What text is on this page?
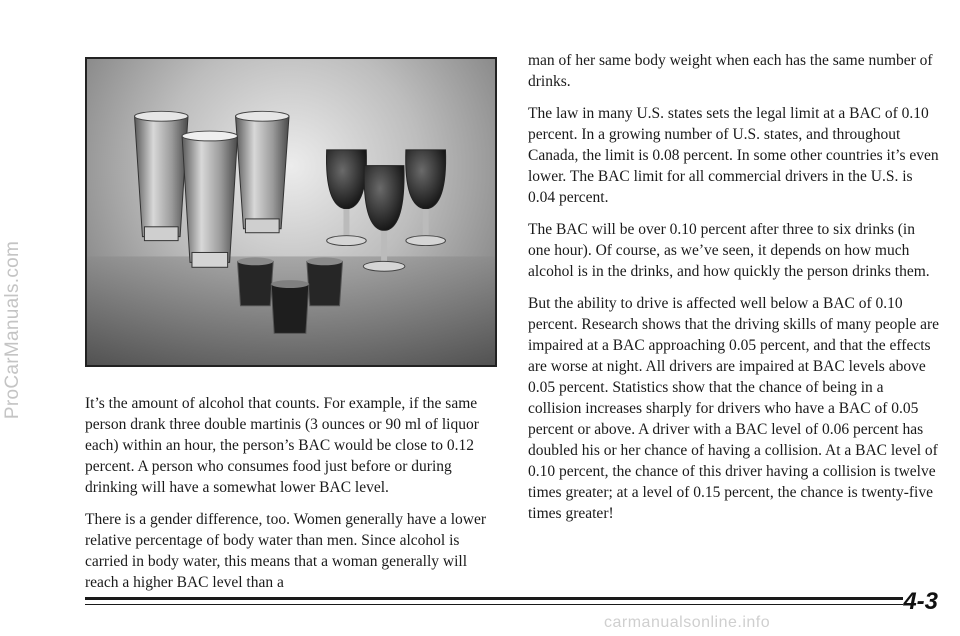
ProCarManuals.com	It’s the amount of alcohol that counts. For example, if the same person drank three double martinis (3 ounces or 90 ml of liquor each) within an hour, the person’s BAC would be close to 0.12 percent. A person who consumes food just before or during drinking will have a somewhat lower BAC level.

There is a gender difference, too. Women generally have a lower relative percentage of body water than men. Since alcohol is carried in body water, this means that a woman generally will reach a higher BAC level than a

man of her same body weight when each has the same number of drinks.

The law in many U.S. states sets the legal limit at a BAC of 0.10 percent. In a growing number of U.S. states, and throughout Canada, the limit is 0.08 percent. In some other countries it’s even lower. The BAC limit for all commercial drivers in the U.S. is 0.04 percent.

The BAC will be over 0.10 percent after three to six drinks (in one hour). Of course, as we’ve seen, it depends on how much alcohol is in the drinks, and how quickly the person drinks them.

But the ability to drive is affected well below a BAC of 0.10 percent. Research shows that the driving skills of many people are impaired at a BAC approaching 0.05 percent, and that the effects are worse at night. All drivers are impaired at BAC levels above 0.05 percent. Statistics show that the chance of being in a collision increases sharply for drivers who have a BAC of 0.05 percent or above. A driver with a BAC level of 0.06 percent has doubled his or her chance of having a collision. At a BAC level of 0.10 percent, the chance of this driver having a collision is twelve times greater; at a level of 0.15 percent, the chance is twenty-five times greater!

4-3
carmanualsonline.info
